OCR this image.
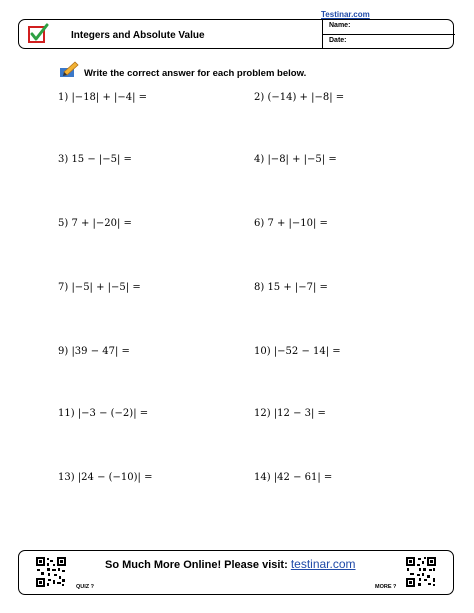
Testinar.com
Integers and Absolute Value
Name:
Date:
Write the correct answer for each problem below.
1) |−18| + |−4| =	2) (−14) + |−8| =
3) 15 − |−5| =	4) |−8| + |−5| =
5) 7 + |−20| =	6) 7 + |−10| =
7) |−5| + |−5| =	8) 15 + |−7| =
9) |39 − 47| =	10) |−52 − 14| =
11) |−3 − (−2)| =	12) |12 − 3| =
13) |24 − (−10)| =	14) |42 − 61| =
QUIZ ?
So Much More Online! Please visit: testinar.com
MORE ?
